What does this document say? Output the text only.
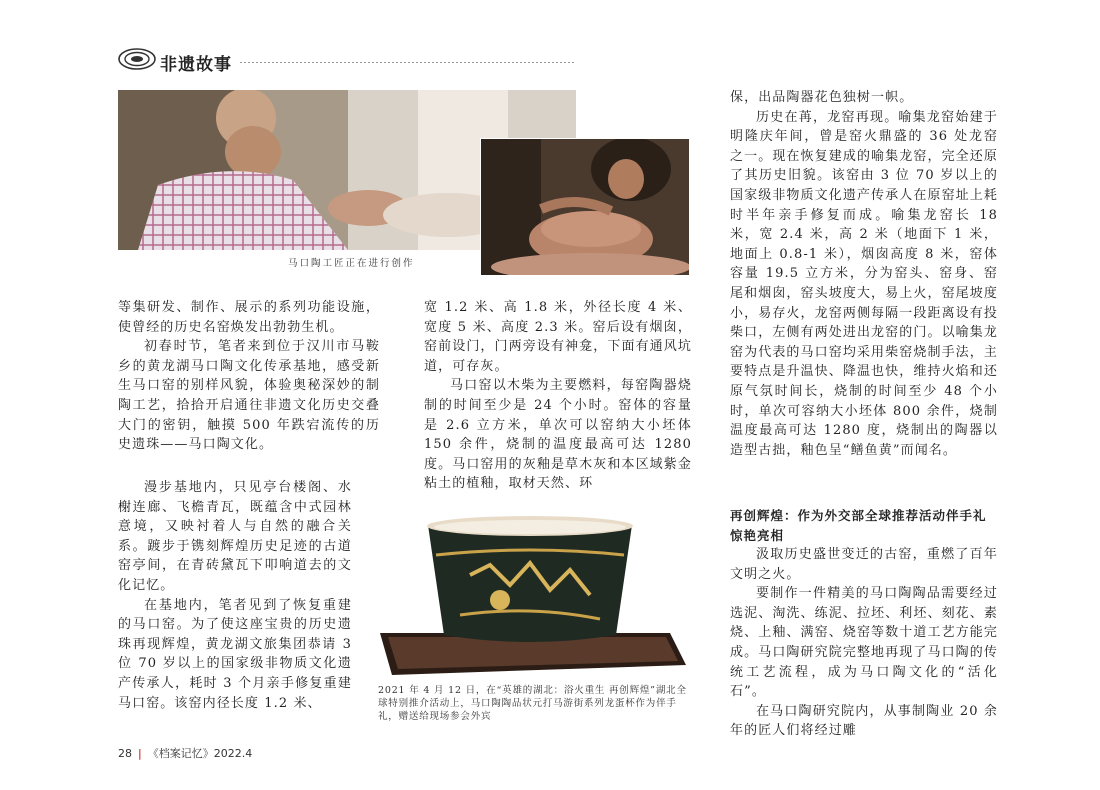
非遗故事
马口陶工匠正在进行创作

等集研发、制作、展示的系列功能设施，使曾经的历史名窑焕发出勃勃生机。

初春时节，笔者来到位于汉川市马鞍乡的黄龙湖马口陶文化传承基地，感受新生马口窑的别样风貌，体验奥秘深妙的制陶工艺，拾拾开启通往非遗文化历史交叠大门的密钥，触摸 500 年跌宕流传的历史遗珠——马口陶文化。

漫步基地内，只见亭台楼阁、水榭连廊、飞檐青瓦，既蕴含中式园林意境，又映衬着人与自然的融合关系。踱步于镌刻辉煌历史足迹的古道窑亭间，在青砖黛瓦下叩响道去的文化记忆。

在基地内，笔者见到了恢复重建的马口窑。为了使这座宝贵的历史遗珠再现辉煌，黄龙湖文旅集团恭请 3 位 70 岁以上的国家级非物质文化遗产传承人，耗时 3 个月亲手修复重建马口窑。该窑内径长度 1.2 米、

宽 1.2 米、高 1.8 米，外径长度 4 米、宽度 5 米、高度 2.3 米。窑后设有烟囱，窑前设门，门两旁设有神龛，下面有通风坑道，可存灰。

马口窑以木柴为主要燃料，每窑陶器烧制的时间至少是 24 个小时。窑体的容量是 2.6 立方米，单次可以窑纳大小坯体 150 余件，烧制的温度最高可达 1280 度。马口窑用的灰釉是草木灰和本区域紫金粘土的植釉，取材天然、环

2021 年 4 月 12 日，在“英雄的湖北：浴火重生 再创辉煌”湖北全球特别推介活动上，马口陶陶品状元打马游街系列龙蛋杯作为伴手礼，赠送给现场参会外宾

保，出品陶器花色独树一帜。

历史在苒，龙窑再现。喻集龙窑始建于明隆庆年间，曾是窑火鼎盛的 36 处龙窑之一。现在恢复建成的喻集龙窑，完全还原了其历史旧貌。该窑由 3 位 70 岁以上的国家级非物质文化遗产传承人在原窑址上耗时半年亲手修复而成。喻集龙窑长 18 米，宽 2.4 米，高 2 米（地面下 1 米，地面上 0.8-1 米），烟囱高度 8 米，窑体容量 19.5 立方米，分为窑头、窑身、窑尾和烟囱，窑头坡度大，易上火，窑尾坡度小，易存火，龙窑两侧每隔一段距离设有投柴口，左侧有两处进出龙窑的门。以喻集龙窑为代表的马口窑均采用柴窑烧制手法，主要特点是升温快、降温也快，维持火焰和还原气氛时间长，烧制的时间至少 48 个小时，单次可容纳大小坯体 800 余件，烧制温度最高可达 1280 度，烧制出的陶器以造型古拙，釉色呈“鳝鱼黄”而闻名。

再创辉煌：作为外交部全球推荐活动伴手礼惊艳亮相

汲取历史盛世变迁的古窑，重燃了百年文明之火。

要制作一件精美的马口陶陶品需要经过选泥、淘洗、练泥、拉坯、利坯、刻花、素烧、上釉、满窑、烧窑等数十道工艺方能完成。马口陶研究院完整地再现了马口陶的传统工艺流程，成为马口陶文化的“活化石”。

在马口陶研究院内，从事制陶业 20 余年的匠人们将经过雕

28 | 《档案记忆》2022.4
